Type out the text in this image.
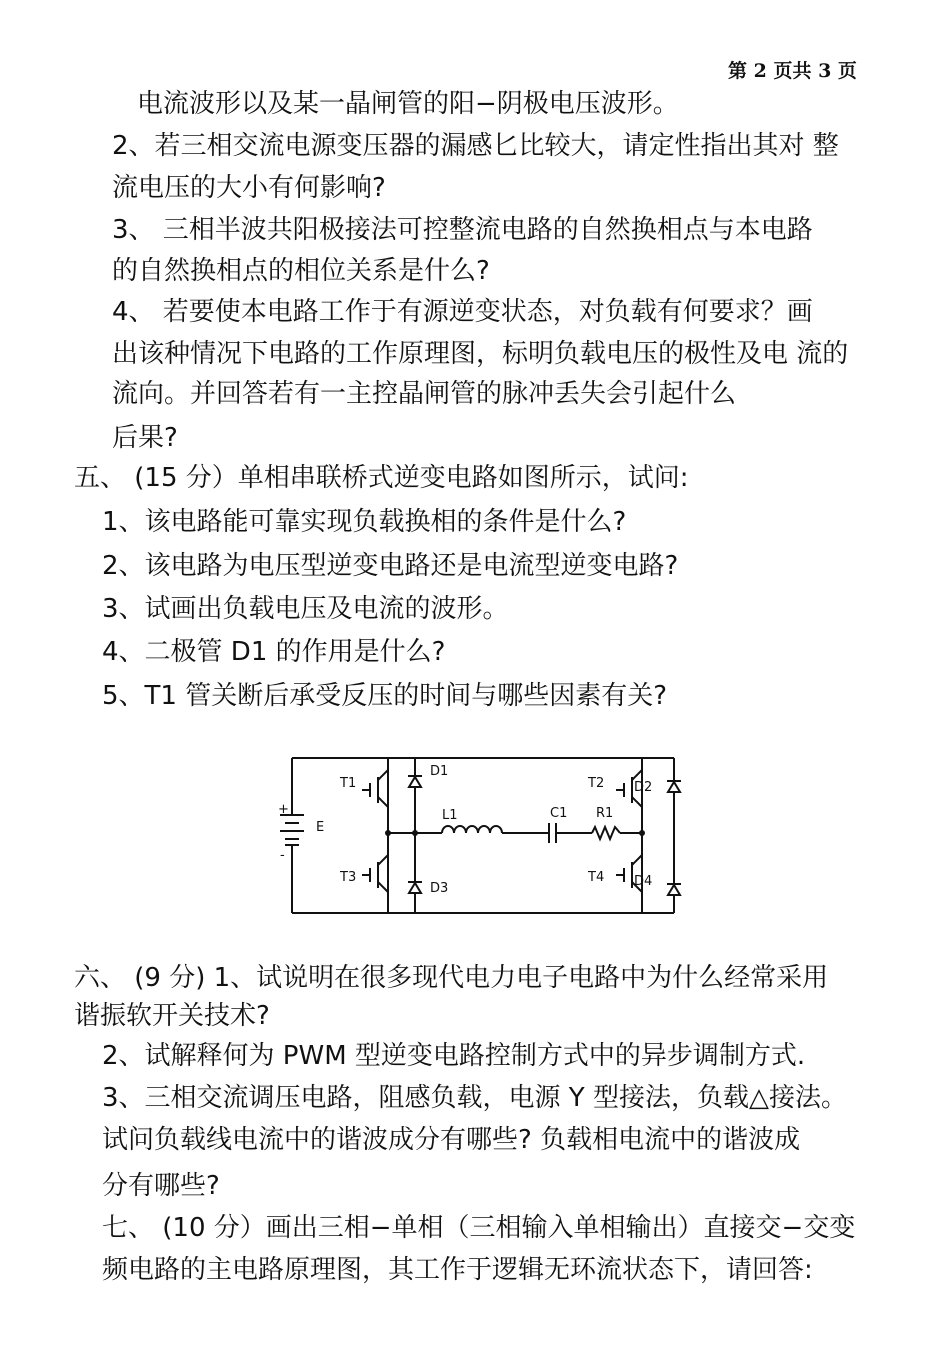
第 2 页共 3 页
电流波形以及某一晶闸管的阳−阴极电压波形。
2、若三相交流电源变压器的漏感匕比较大，请定性指出其对 整
流电压的大小有何影响?
3、 三相半波共阳极接法可控整流电路的自然换相点与本电路
的自然换相点的相位关系是什么?
4、 若要使本电路工作于有源逆变状态，对负载有何要求？画
出该种情况下电路的工作原理图，标明负载电压的极性及电 流的
流向。并回答若有一主控晶闸管的脉冲丢失会引起什么
后果?
五、 (15 分）单相串联桥式逆变电路如图所示，试问:
1、该电路能可靠实现负载换相的条件是什么?
2、该电路为电压型逆变电路还是电流型逆变电路?
3、试画出负载电压及电流的波形。
4、二极管 D1 的作用是什么?
5、T1 管关断后承受反压的时间与哪些因素有关?
T1
T3
D1
D3
L1	C1 R1
T2
T4
D2
D4
E
+
-
六、 (9 分) 1、试说明在很多现代电力电子电路中为什么经常采用
谐振软开关技术?
2、试解释何为 PWM 型逆变电路控制方式中的异步调制方式.
3、三相交流调压电路，阻感负载，电源 Y 型接法，负载△接法。
试问负载线电流中的谐波成分有哪些? 负载相电流中的谐波成
分有哪些?
七、 (10 分）画出三相−单相（三相输入单相输出）直接交−交变
频电路的主电路原理图，其工作于逻辑无环流状态下，请回答:
